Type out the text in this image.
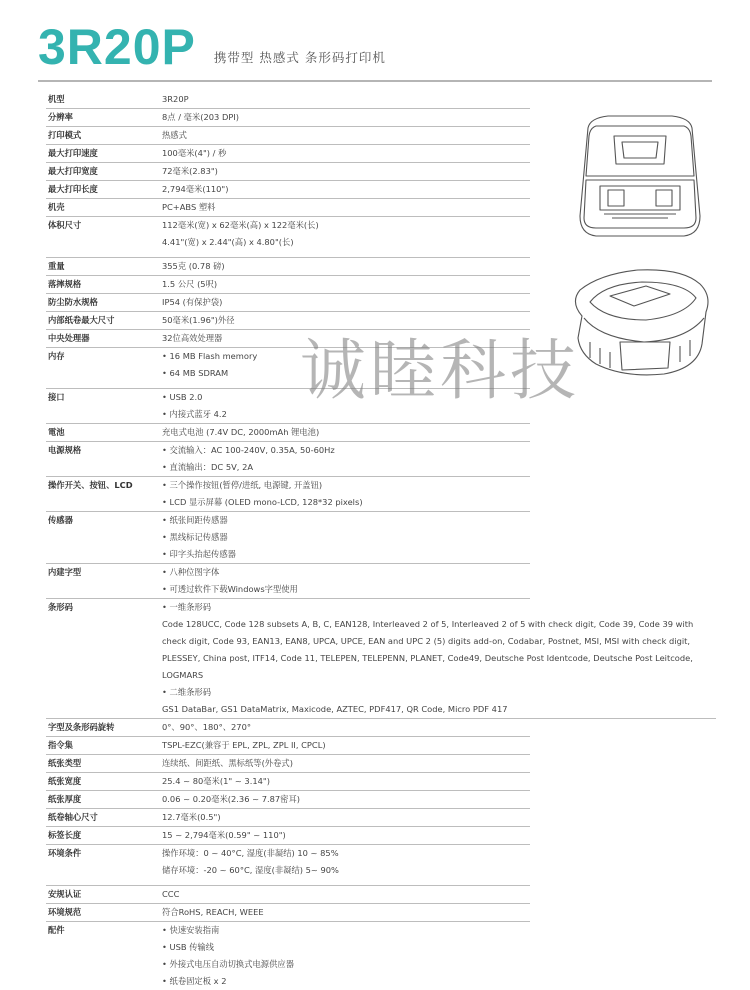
3R20P 携带型 热感式 条形码打印机
机型	3R20P
分辨率	8点 / 毫米(203 DPI)
打印模式	热感式
最大打印速度	100毫米(4") / 秒
最大打印宽度	72毫米(2.83")
最大打印长度	2,794毫米(110")
机壳	PC+ABS 塑料
体积尺寸	112毫米(宽) x 62毫米(高) x 122毫米(长)
4.41"(宽) x 2.44"(高) x 4.80"(长)
重量	355克 (0.78 磅)
落摔规格	1.5 公尺 (5呎)
防尘防水规格	IP54 (有保护袋)
内部纸卷最大尺寸	50毫米(1.96")外径
中央处理器	32位高效处理器
内存	• 16 MB Flash memory
• 64 MB SDRAM
接口	• USB 2.0
• 内接式蓝牙 4.2
電池	充电式电池 (7.4V DC, 2000mAh 锂电池)
电源规格	• 交流输入：AC 100-240V, 0.35A, 50-60Hz
• 直流输出：DC 5V, 2A
操作开关、按钮、LCD	• 三个操作按钮(暂停/进纸, 电源键, 开盖钮)
• LCD 显示屏幕 (OLED mono-LCD, 128*32 pixels)
传感器	• 纸张间距传感器
• 黑线标记传感器
• 印字头抬起传感器
内建字型	• 八种位图字体
• 可透过软件下载Windows字型使用
条形码	• 一维条形码
Code 128UCC, Code 128 subsets A, B, C, EAN128, Interleaved 2 of 5, Interleaved 2 of 5 with check digit, Code 39, Code 39 with
check digit, Code 93, EAN13, EAN8, UPCA, UPCE, EAN and UPC 2 (5) digits add-on, Codabar, Postnet, MSI, MSI with check digit,
PLESSEY, China post, ITF14, Code 11, TELEPEN, TELEPENN, PLANET, Code49, Deutsche Post Identcode, Deutsche Post Leitcode,
LOGMARS
• 二维条形码
GS1 DataBar, GS1 DataMatrix, Maxicode, AZTEC, PDF417, QR Code, Micro PDF 417
字型及条形码旋转	0°、90°、180°、270°
指令集	TSPL-EZC(兼容于 EPL, ZPL, ZPL II, CPCL)
纸张类型	连续纸、间距纸、黑标纸等(外卷式)
纸张宽度	25.4 ~ 80毫米(1" ~ 3.14")
纸张厚度	0.06 ~ 0.20毫米(2.36 ~ 7.87密耳)
纸卷轴心尺寸	12.7毫米(0.5")
标签长度	15 ~ 2,794毫米(0.59" ~ 110")
环境条件	操作环境：0 ~ 40°C, 湿度(非凝结) 10 ~ 85%
储存环境：-20 ~ 60°C, 湿度(非凝结) 5~ 90%
安规认证	CCC
环境规范	符合RoHS, REACH, WEEE
配件	• 快速安装指南
• USB 传输线
• 外接式电压自动切换式电源供应器
• 纸卷固定板 x 2
诚睦科技
